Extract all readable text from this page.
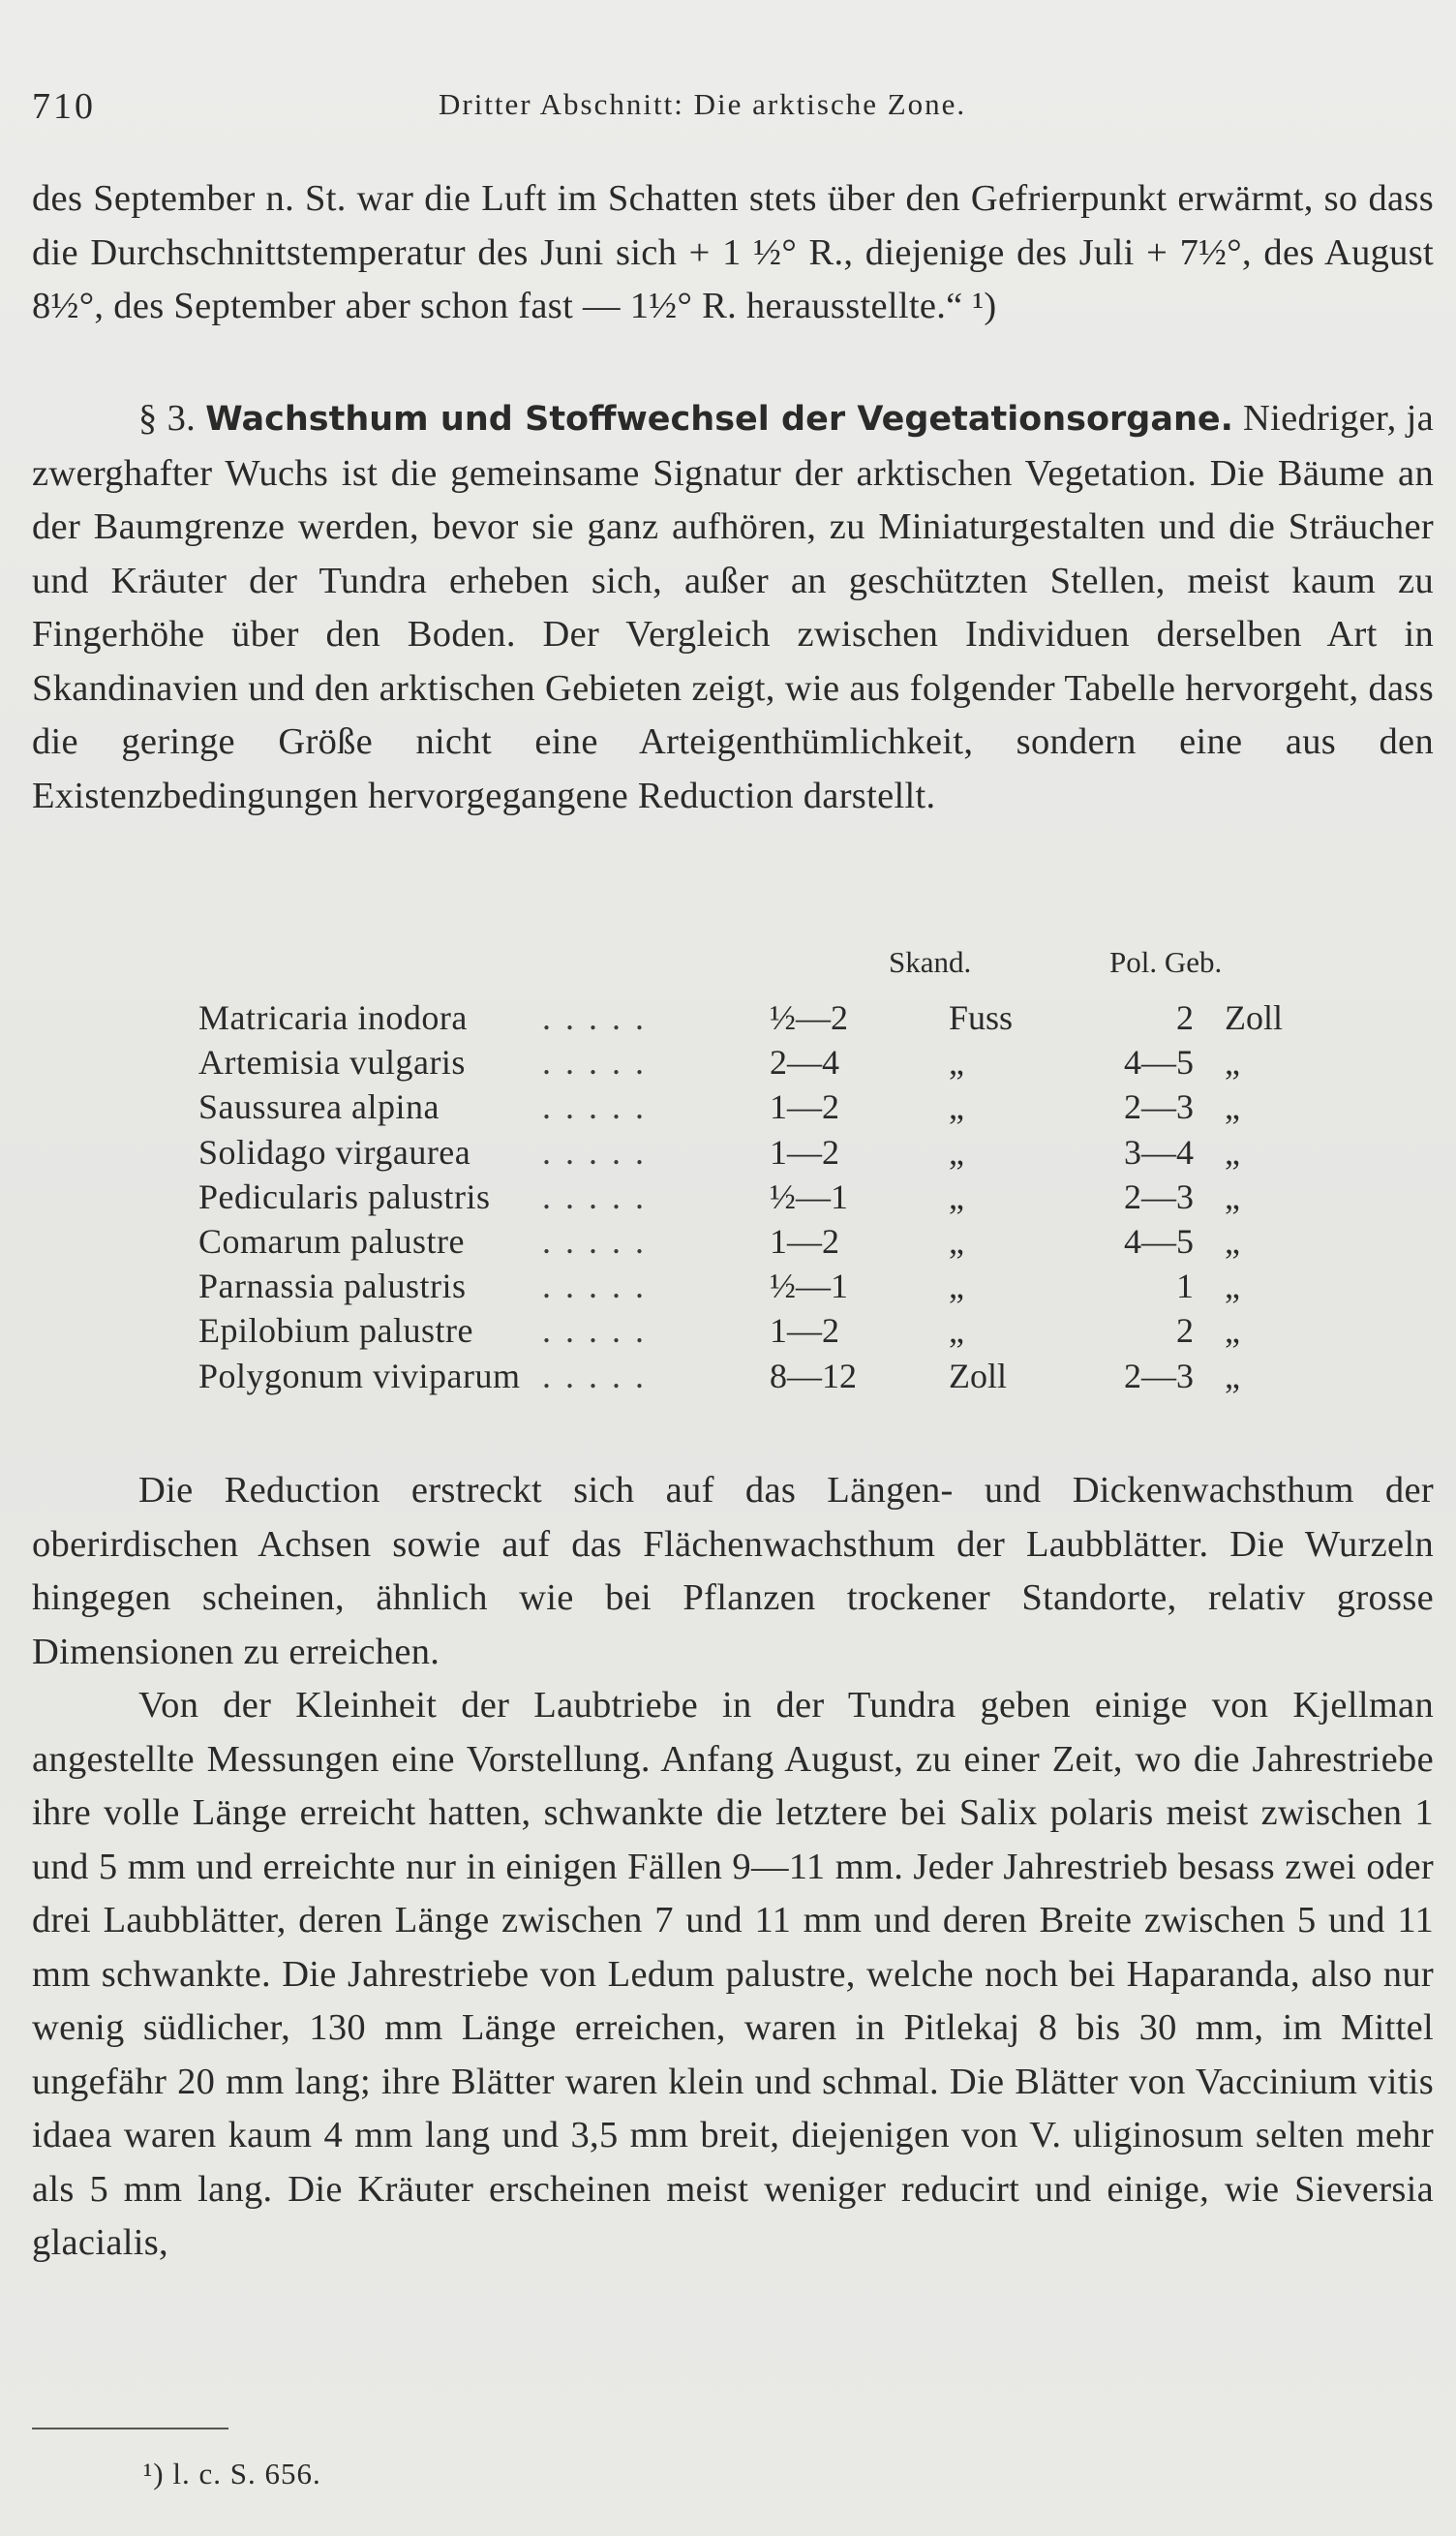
710	Dritter Abschnitt: Die arktische Zone.

des September n. St. war die Luft im Schatten stets über den Gefrierpunkt erwärmt, so dass die Durchschnittstemperatur des Juni sich + 1 ½° R., diejenige des Juli + 7½°, des August 8½°, des September aber schon fast — 1½° R. herausstellte.“ ¹)

§ 3. Wachsthum und Stoffwechsel der Vegetationsorgane. Niedriger, ja zwerghafter Wuchs ist die gemeinsame Signatur der arktischen Vegetation. Die Bäume an der Baumgrenze werden, bevor sie ganz aufhören, zu Miniaturgestalten und die Sträucher und Kräuter der Tundra erheben sich, außer an geschützten Stellen, meist kaum zu Fingerhöhe über den Boden. Der Vergleich zwischen Individuen derselben Art in Skandinavien und den arktischen Gebieten zeigt, wie aus folgender Tabelle hervorgeht, dass die geringe Größe nicht eine Arteigenthümlichkeit, sondern eine aus den Existenzbedingungen hervorgegangene Reduction darstellt.

Skand.	Pol. Geb.
Matricaria inodora .....	½—2	Fuss	2 Zoll
Artemisia vulgaris .....	2—4	„	4—5 „
Saussurea alpina	.....	1—2	„	2—3 „
Solidago virgaurea .....	1—2	„	3—4 „
Pedicularis palustris .....	½—1	„	2—3 „
Comarum palustre .....	1—2	„	4—5 „
Parnassia palustris .....	½—1	„	1 „
Epilobium palustre .....	1—2	„	2 „
Polygonum viviparum .....	8—12	Zoll	2—3 „
Die Reduction erstreckt sich auf das Längen- und Dickenwachsthum der oberirdischen Achsen sowie auf das Flächenwachsthum der Laubblätter. Die Wurzeln hingegen scheinen, ähnlich wie bei Pflanzen trockener Standorte, relativ grosse Dimensionen zu erreichen.
Von der Kleinheit der Laubtriebe in der Tundra geben einige von Kjellman angestellte Messungen eine Vorstellung. Anfang August, zu einer Zeit, wo die Jahrestriebe ihre volle Länge erreicht hatten, schwankte die letztere bei Salix polaris meist zwischen 1 und 5 mm und erreichte nur in einigen Fällen 9—11 mm. Jeder Jahrestrieb besass zwei oder drei Laubblätter, deren Länge zwischen 7 und 11 mm und deren Breite zwischen 5 und 11 mm schwankte. Die Jahrestriebe von Ledum palustre, welche noch bei Haparanda, also nur wenig südlicher, 130 mm Länge erreichen, waren in Pitlekaj 8 bis 30 mm, im Mittel ungefähr 20 mm lang; ihre Blätter waren klein und schmal. Die Blätter von Vaccinium vitis idaea waren kaum 4 mm lang und 3,5 mm breit, diejenigen von V. uliginosum selten mehr als 5 mm lang. Die Kräuter erscheinen meist weniger reducirt und einige, wie Sieversia glacialis,
¹) l. c. S. 656.
